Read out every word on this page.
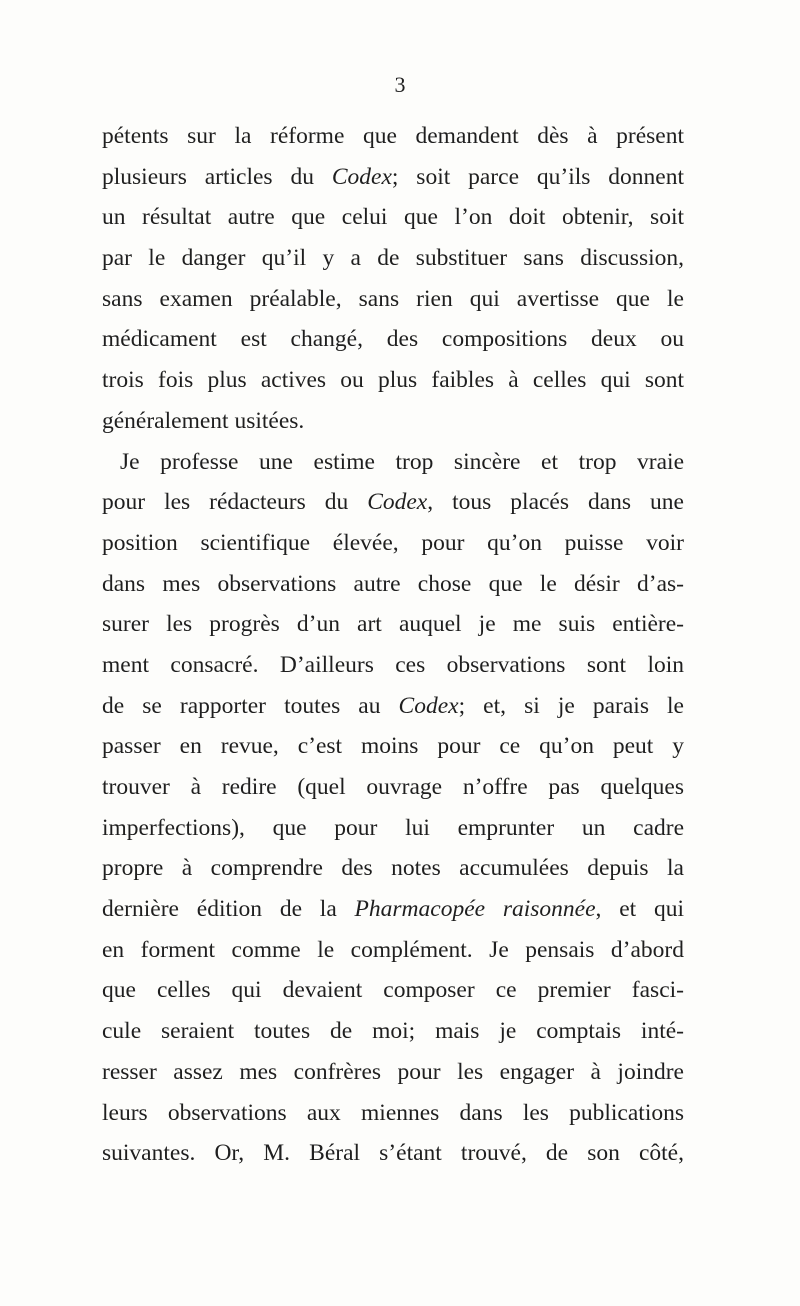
3
pétents sur la réforme que demandent dès à présent
plusieurs articles du Codex; soit parce qu’ils donnent
un résultat autre que celui que l’on doit obtenir, soit
par le danger qu’il y a de substituer sans discussion,
sans examen préalable, sans rien qui avertisse que le
médicament est changé, des compositions deux ou
trois fois plus actives ou plus faibles à celles qui sont
généralement usitées.
Je professe une estime trop sincère et trop vraie
pour les rédacteurs du Codex, tous placés dans une
position scientifique élevée, pour qu’on puisse voir
dans mes observations autre chose que le désir d’as-
surer les progrès d’un art auquel je me suis entière-
ment consacré. D’ailleurs ces observations sont loin
de se rapporter toutes au Codex; et, si je parais le
passer en revue, c’est moins pour ce qu’on peut y
trouver à redire (quel ouvrage n’offre pas quelques
imperfections), que pour lui emprunter un cadre
propre à comprendre des notes accumulées depuis la
dernière édition de la Pharmacopée raisonnée, et qui
en forment comme le complément. Je pensais d’abord
que celles qui devaient composer ce premier fasci-
cule seraient toutes de moi; mais je comptais inté-
resser assez mes confrères pour les engager à joindre
leurs observations aux miennes dans les publications
suivantes. Or, M. Béral s’étant trouvé, de son côté,
